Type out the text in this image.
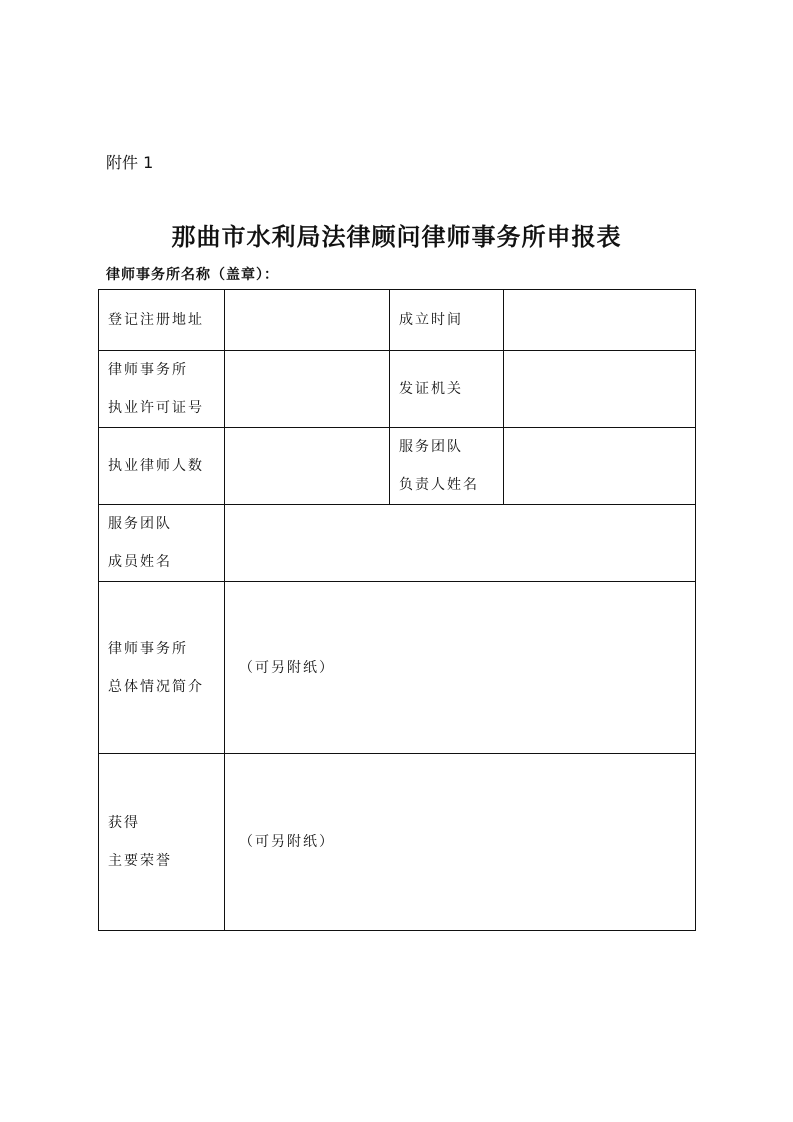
附件 1
那曲市水利局法律顾问律师事务所申报表
律师事务所名称（盖章）：
登记注册地址		成立时间	

律师事务所
执业许可证号		发证机关	
执业律师人数		服务团队
负责人姓名	

服务团队
成员姓名			

律师事务所
总体情况简介	（可另附纸）		

获得
主要荣誉	（可另附纸）		
